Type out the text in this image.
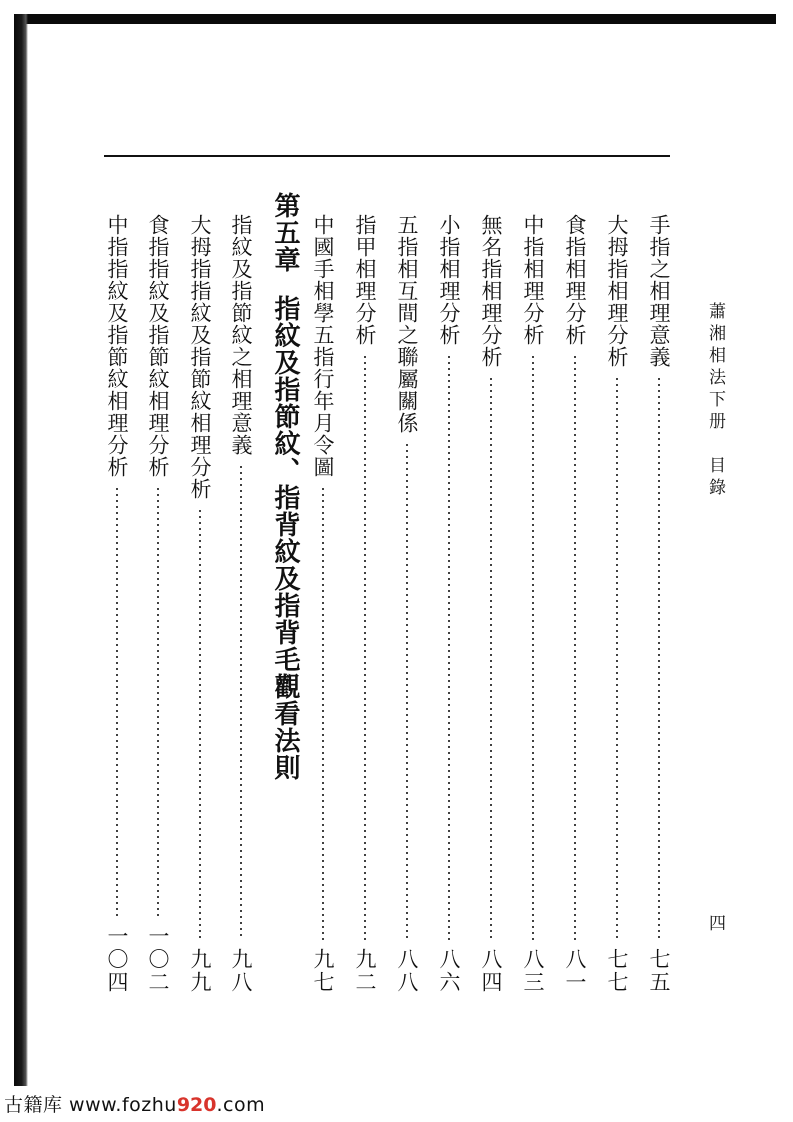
蕭湘相法下册　目錄
四
手指之相理意義
七五
大拇指相理分析
七七
食指相理分析
八一
中指相理分析
八三
無名指相理分析
八四
小指相理分析
八六
五指相互間之聯屬關係
八八
指甲相理分析
九二
中國手相學五指行年月令圖
九七
第五章指紋及指節紋、指背紋及指背毛觀看法則
指紋及指節紋之相理意義
九八
大拇指指紋及指節紋相理分析
九九
食指指紋及指節紋相理分析
一〇二
中指指紋及指節紋相理分析
一〇四
古籍库 www.fozhu920.com
